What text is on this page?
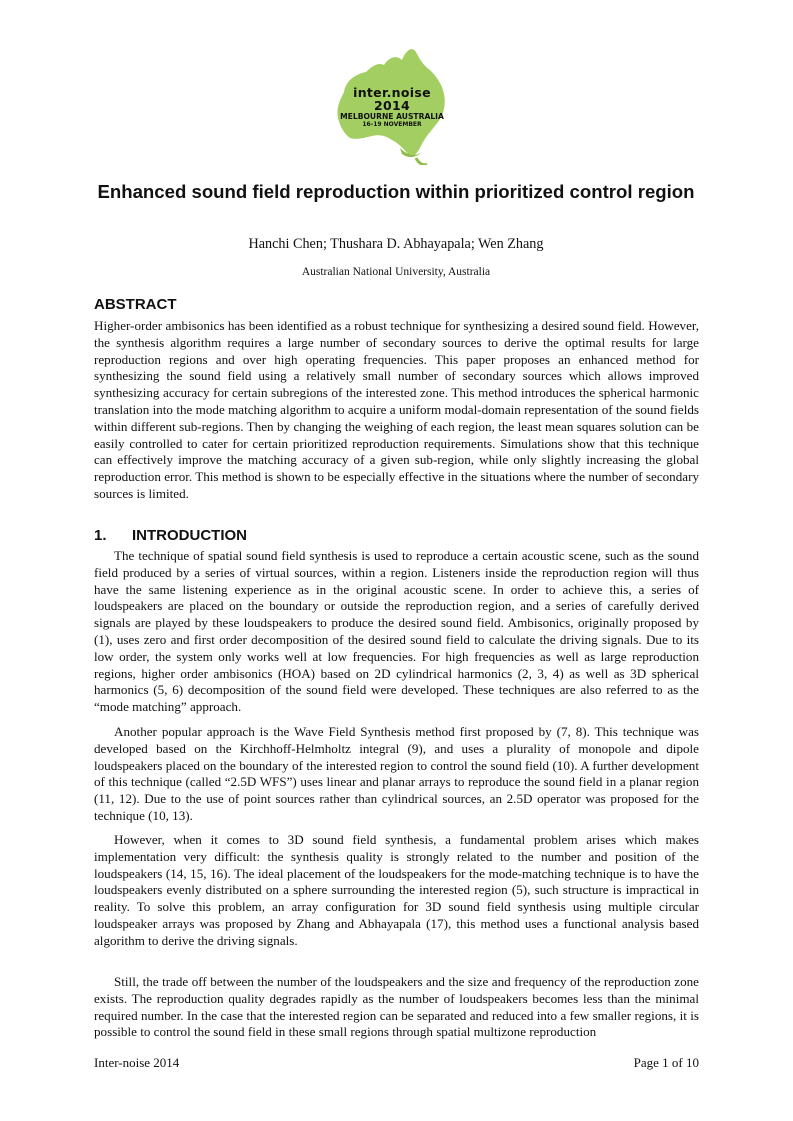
inter.noise 2014
MELBOURNE AUSTRALIA
16-19 NOVEMBER
Enhanced sound field reproduction within prioritized control region

Hanchi Chen; Thushara D. Abhayapala; Wen Zhang

Australian National University, Australia

ABSTRACT

Higher-order ambisonics has been identified as a robust technique for synthesizing a desired sound field. However, the synthesis algorithm requires a large number of secondary sources to derive the optimal results for large reproduction regions and over high operating frequencies. This paper proposes an enhanced method for synthesizing the sound field using a relatively small number of secondary sources which allows improved synthesizing accuracy for certain subregions of the interested zone. This method introduces the spherical harmonic translation into the mode matching algorithm to acquire a uniform modal-domain representation of the sound fields within different sub-regions. Then by changing the weighing of each region, the least mean squares solution can be easily controlled to cater for certain prioritized reproduction requirements. Simulations show that this technique can effectively improve the matching accuracy of a given sub-region, while only slightly increasing the global reproduction error. This method is shown to be especially effective in the situations where the number of secondary sources is limited.

1. INTRODUCTION

The technique of spatial sound field synthesis is used to reproduce a certain acoustic scene, such as the sound field produced by a series of virtual sources, within a region. Listeners inside the reproduction region will thus have the same listening experience as in the original acoustic scene. In order to achieve this, a series of loudspeakers are placed on the boundary or outside the reproduction region, and a series of carefully derived signals are played by these loudspeakers to produce the desired sound field. Ambisonics, originally proposed by (1), uses zero and first order decomposition of the desired sound field to calculate the driving signals. Due to its low order, the system only works well at low frequencies. For high frequencies as well as large reproduction regions, higher order ambisonics (HOA) based on 2D cylindrical harmonics (2, 3, 4) as well as 3D spherical harmonics (5, 6) decomposition of the sound field were developed. These techniques are also referred to as the “mode matching” approach.

Another popular approach is the Wave Field Synthesis method first proposed by (7, 8). This technique was developed based on the Kirchhoff-Helmholtz integral (9), and uses a plurality of monopole and dipole loudspeakers placed on the boundary of the interested region to control the sound field (10). A further development of this technique (called “2.5D WFS”) uses linear and planar arrays to reproduce the sound field in a planar region (11, 12). Due to the use of point sources rather than cylindrical sources, an 2.5D operator was proposed for the technique (10, 13).

However, when it comes to 3D sound field synthesis, a fundamental problem arises which makes implementation very difficult: the synthesis quality is strongly related to the number and position of the loudspeakers (14, 15, 16). The ideal placement of the loudspeakers for the mode-matching technique is to have the loudspeakers evenly distributed on a sphere surrounding the interested region (5), such structure is impractical in reality. To solve this problem, an array configuration for 3D sound field synthesis using multiple circular loudspeaker arrays was proposed by Zhang and Abhayapala (17), this method uses a functional analysis based algorithm to derive the driving signals.

Still, the trade off between the number of the loudspeakers and the size and frequency of the reproduction zone exists. The reproduction quality degrades rapidly as the number of loudspeakers becomes less than the minimal required number. In the case that the interested region can be separated and reduced into a few smaller regions, it is possible to control the sound field in these small regions through spatial multizone reproduction

Inter-noise 2014	Page 1 of 10
